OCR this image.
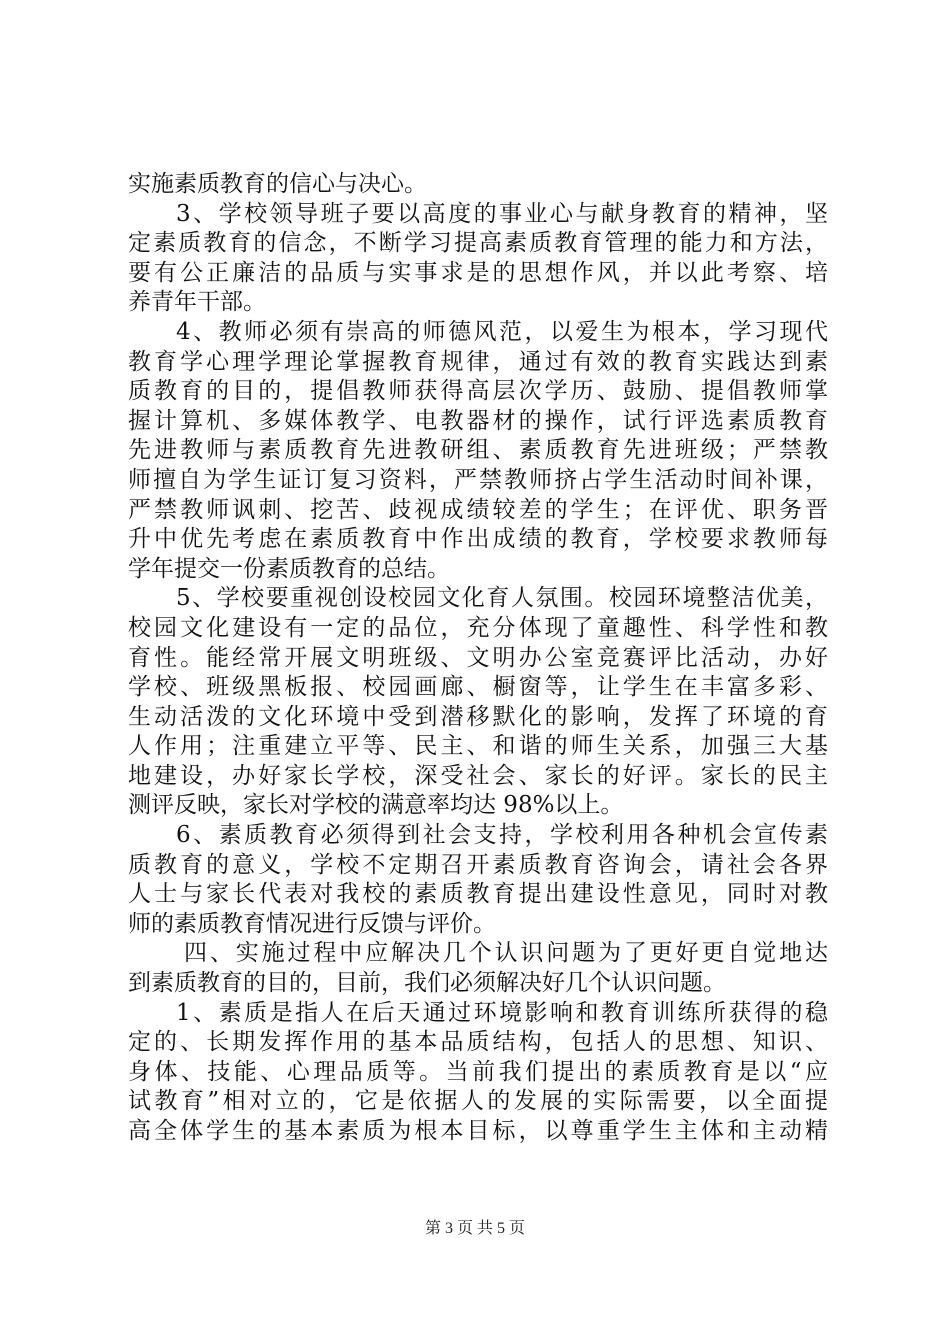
实施素质教育的信心与决心。
3、学校领导班子要以高度的事业心与献身教育的精神，坚
定素质教育的信念，不断学习提高素质教育管理的能力和方法，
要有公正廉洁的品质与实事求是的思想作风，并以此考察、培
养青年干部。
4、教师必须有崇高的师德风范，以爱生为根本，学习现代
教育学心理学理论掌握教育规律，通过有效的教育实践达到素
质教育的目的，提倡教师获得高层次学历、鼓励、提倡教师掌
握计算机、多媒体教学、电教器材的操作，试行评选素质教育
先进教师与素质教育先进教研组、素质教育先进班级；严禁教
师擅自为学生证订复习资料，严禁教师挤占学生活动时间补课，
严禁教师讽刺、挖苦、歧视成绩较差的学生；在评优、职务晋
升中优先考虑在素质教育中作出成绩的教育，学校要求教师每
学年提交一份素质教育的总结。
5、学校要重视创设校园文化育人氛围。校园环境整洁优美，
校园文化建设有一定的品位，充分体现了童趣性、科学性和教
育性。能经常开展文明班级、文明办公室竞赛评比活动，办好
学校、班级黑板报、校园画廊、橱窗等，让学生在丰富多彩、
生动活泼的文化环境中受到潜移默化的影响，发挥了环境的育
人作用；注重建立平等、民主、和谐的师生关系，加强三大基
地建设，办好家长学校，深受社会、家长的好评。家长的民主
测评反映，家长对学校的满意率均达 98%以上。
6、素质教育必须得到社会支持，学校利用各种机会宣传素
质教育的意义，学校不定期召开素质教育咨询会，请社会各界
人士与家长代表对我校的素质教育提出建设性意见，同时对教
师的素质教育情况进行反馈与评价。
四、实施过程中应解决几个认识问题为了更好更自觉地达
到素质教育的目的，目前，我们必须解决好几个认识问题。
1、素质是指人在后天通过环境影响和教育训练所获得的稳
定的、长期发挥作用的基本品质结构，包括人的思想、知识、
身体、技能、心理品质等。当前我们提出的素质教育是以“应
试教育”相对立的，它是依据人的发展的实际需要，以全面提
高全体学生的基本素质为根本目标，以尊重学生主体和主动精
第 3 页 共 5 页
